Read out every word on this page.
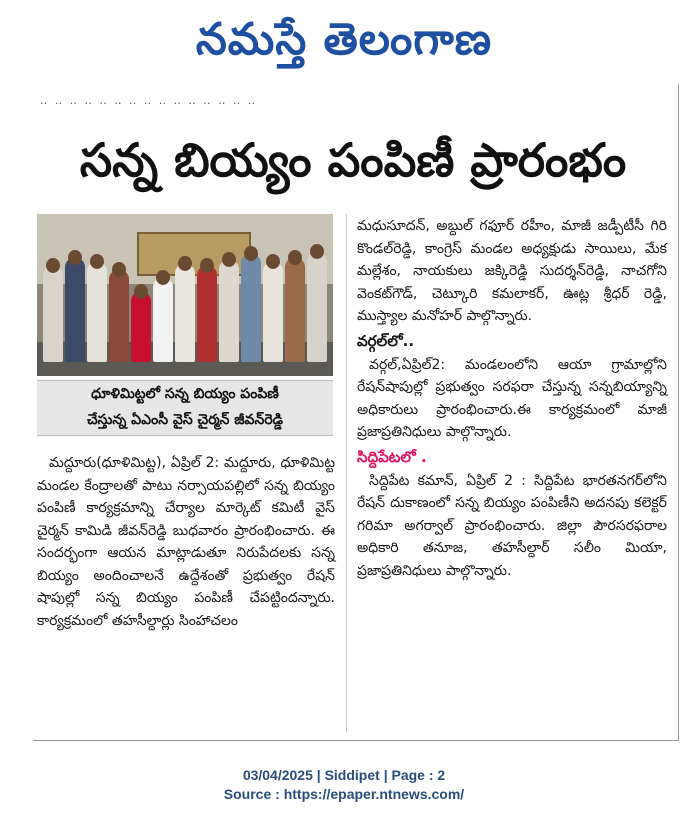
నమస్తే తెలంగాణ
‥ ‥ ‥ ‥ ‥ ‥ ‥ ‥ ‥ ‥ ‥ ‥ ‥ ‥ ‥
సన్న బియ్యం పంపిణీ ప్రారంభం

ధూళిమిట్టలో సన్న బియ్యం పంపిణీ

చేస్తున్న ఏఎంసీ వైస్ చైర్మన్ జీవన్‌రెడ్డి

మద్దూరు(ధూళిమిట్ట), ఏప్రిల్ 2: మద్దూరు, ధూళిమిట్ట మండల కేంద్రాలతో పాటు నర్సాయపల్లిలో సన్న బియ్యం పంపిణీ కార్యక్రమాన్ని చేర్యాల మార్కెట్ కమిటీ వైస్ చైర్మన్ కామిడి జీవన్‌రెడ్డి బుధవారం ప్రారంభించారు. ఈ సందర్భంగా ఆయన మాట్లాడుతూ నిరుపేదలకు సన్న బియ్యం అందించాలనే ఉద్దేశంతో ప్రభుత్వం రేషన్ షాపుల్లో సన్న బియ్యం పంపిణీ చేపట్టిందన్నారు. కార్యక్రమంలో తహసీల్దార్లు సింహాచలం

మధుసూదన్, అబ్దుల్ గఫూర్ రహీం, మాజీ జడ్పీటీసీ గిరి కొండల్‌రెడ్డి, కాంగ్రెస్ మండల అధ్యక్షుడు సాయిలు, మేక మల్లేశం, నాయకులు జక్కిరెడ్డి సుదర్శన్‌రెడ్డి, నాచగోని వెంకట్‌గౌడ్, చెట్కూరి కమలాకర్, ఊట్ల శ్రీధర్ రెడ్డి, ముస్త్యాల మనోహర్ పాల్గొన్నారు.

వర్గల్‌లో..

వర్గల్,ఏప్రిల్2: మండలంలోని ఆయా గ్రామాల్లోని రేషన్‌షాపుల్లో ప్రభుత్వం సరఫరా చేస్తున్న సన్నబియ్యాన్ని అధికారులు ప్రారంభించారు.ఈ కార్యక్రమంలో మాజీ ప్రజాప్రతినిధులు పాల్గొన్నారు.

సిద్దిపేటలో .

సిద్దిపేట కమాన్, ఏప్రిల్ 2 : సిద్దిపేట భారతనగర్‌లోని రేషన్ దుకాణంలో సన్న బియ్యం పంపిణీని అదనపు కలెక్టర్ గరిమా అగర్వాల్ ప్రారంభించారు. జిల్లా పౌరసరఫరాల అధికారి తనూజ, తహసీల్దార్ సలీం మియా, ప్రజాప్రతినిధులు పాల్గొన్నారు.

03/04/2025 | Siddipet | Page : 2
Source : https://epaper.ntnews.com/
